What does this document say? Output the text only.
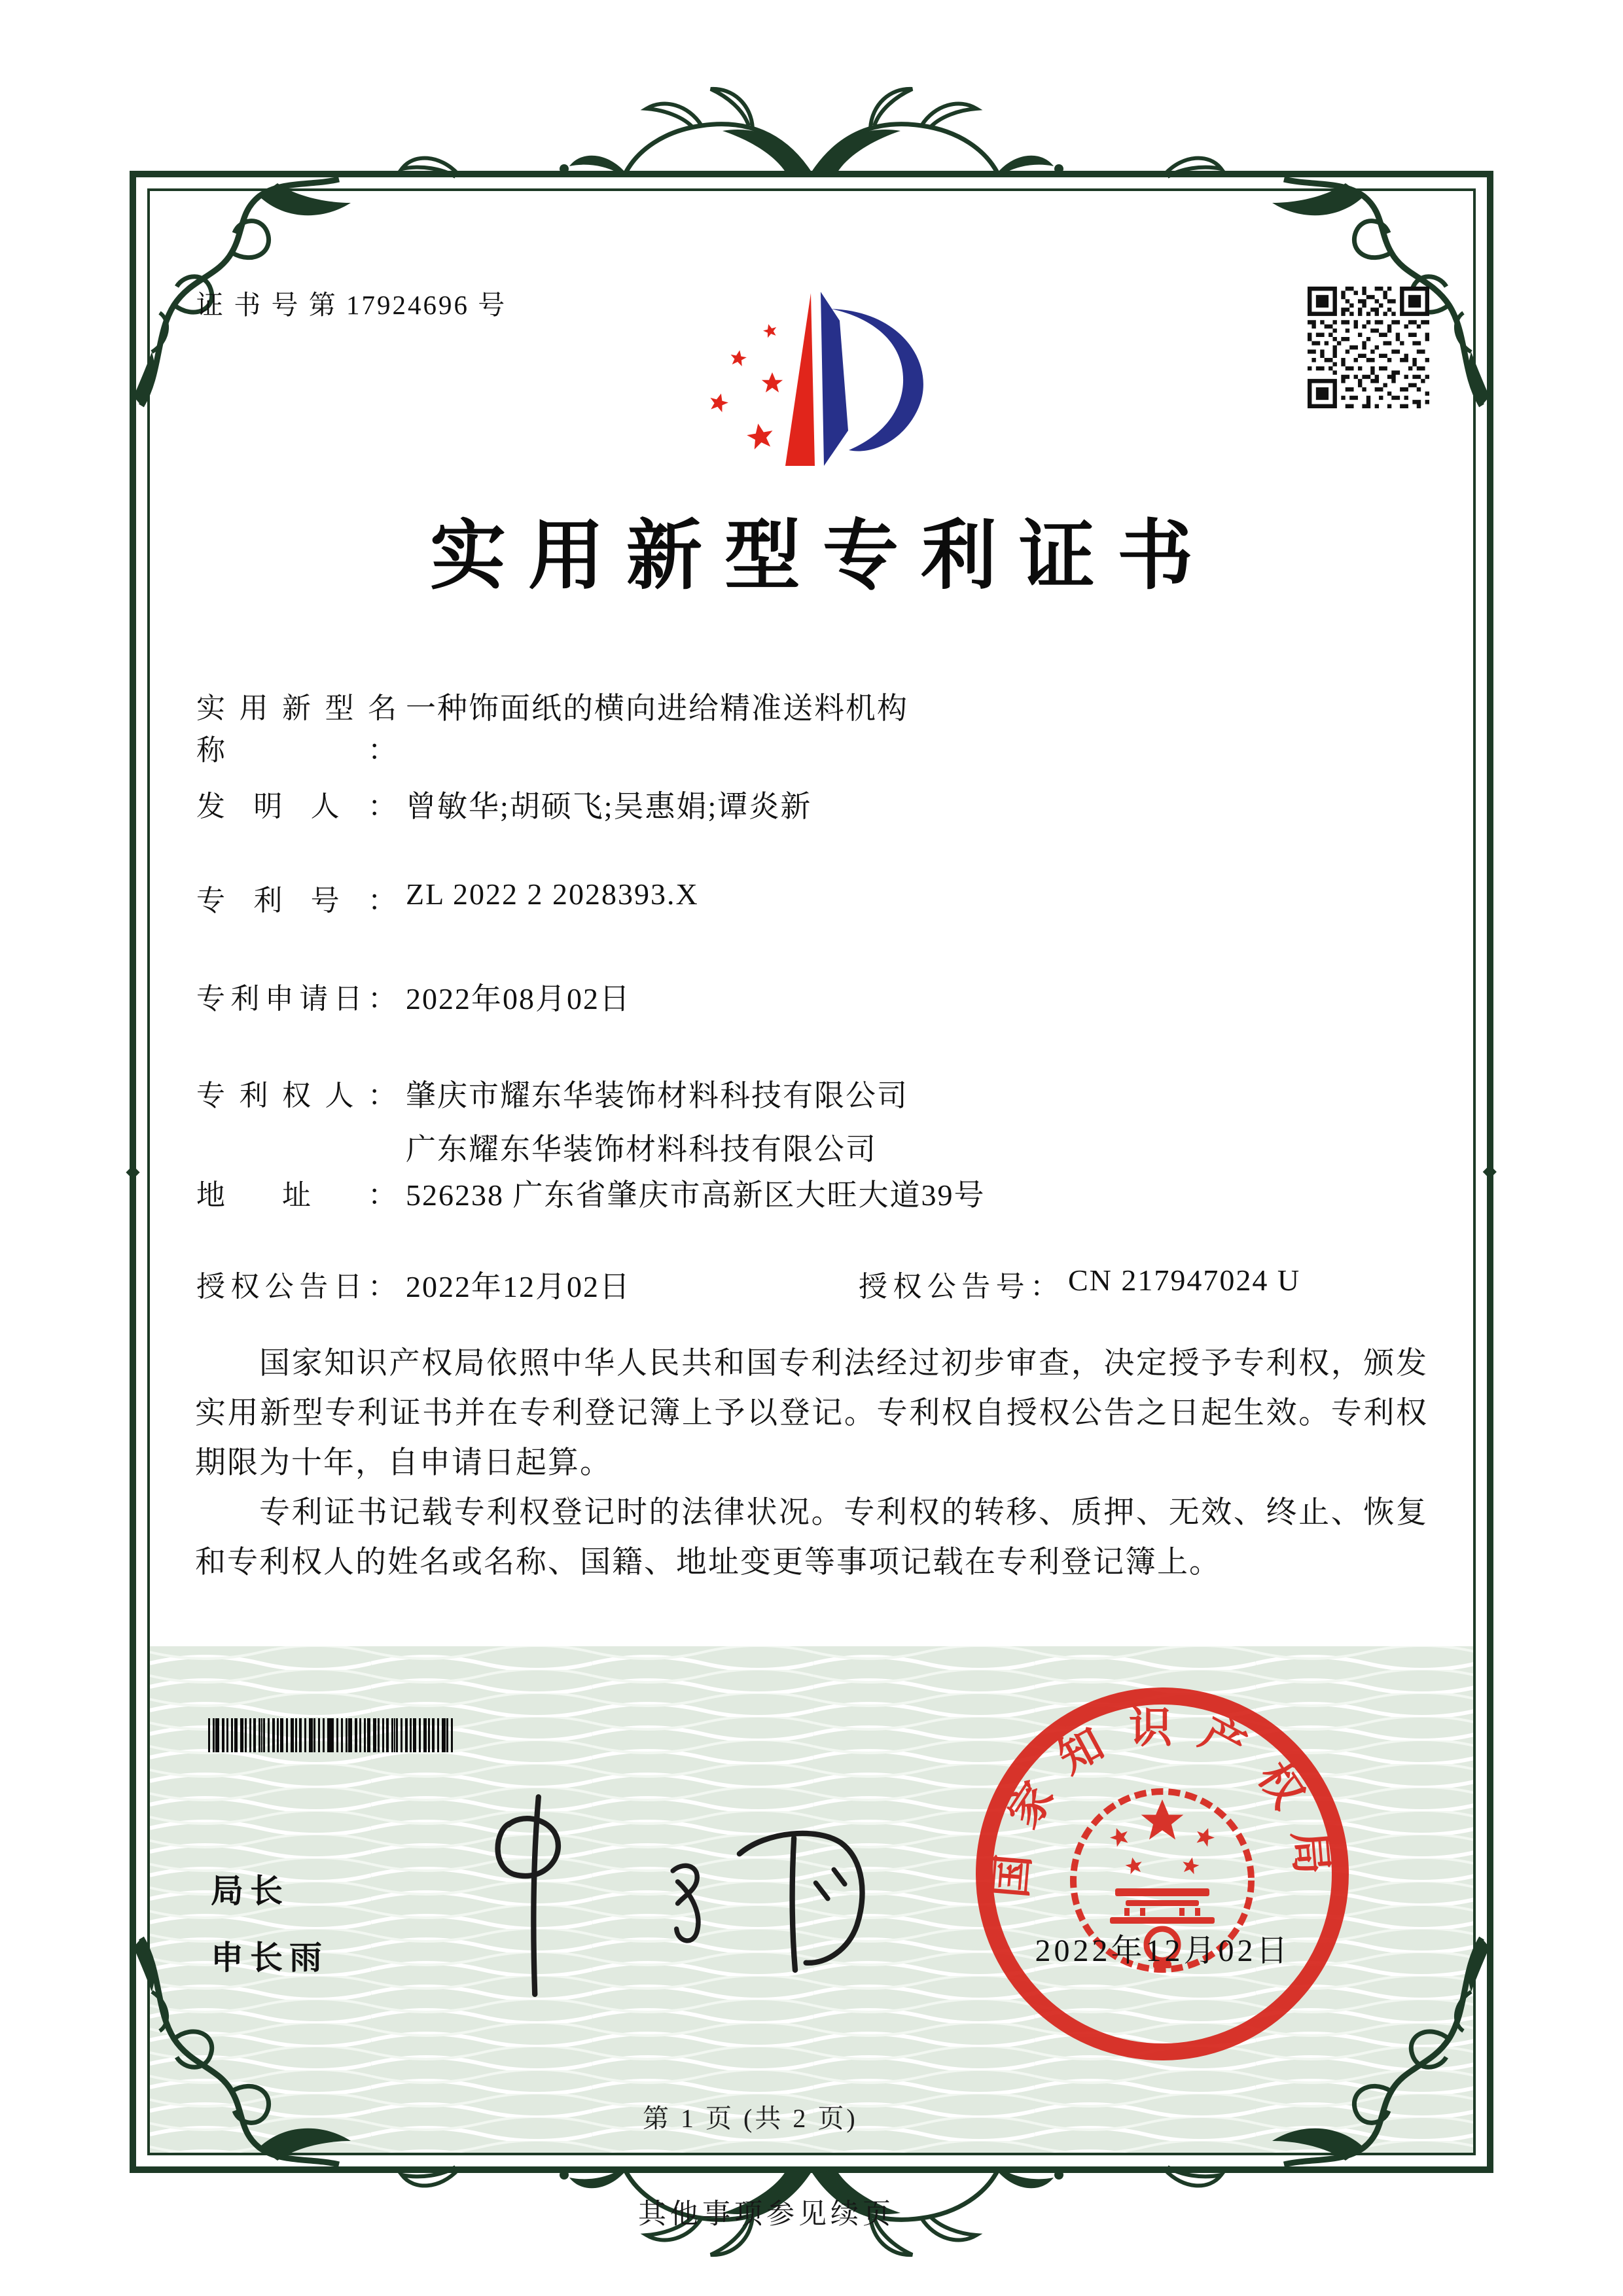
证 书 号 第 17924696 号
实用新型专利证书
实用新型名称：
一种饰面纸的横向进给精准送料机构
发明人： 曾敏华;胡硕飞;吴惠娟;谭炎新
专利号： ZL 2022 2 2028393.X
专利申请日： 2022年08月02日
专利权人： 肇庆市耀东华装饰材料科技有限公司
广东耀东华装饰材料科技有限公司
地址： 526238 广东省肇庆市高新区大旺大道39号
授权公告日： 2022年12月02日	授权公告号： CN 217947024 U

国家知识产权局依照中华人民共和国专利法经过初步审查，决定授予专利权，颁发实用新型专利证书并在专利登记簿上予以登记。专利权自授权公告之日起生效。专利权期限为十年，自申请日起算。

专利证书记载专利权登记时的法律状况。专利权的转移、质押、无效、终止、恢复和专利权人的姓名或名称、国籍、地址变更等事项记载在专利登记簿上。

局长
申长雨
国家知识产权局
2022年12月02日
第 1 页 (共 2 页)
其他事项参见续页
